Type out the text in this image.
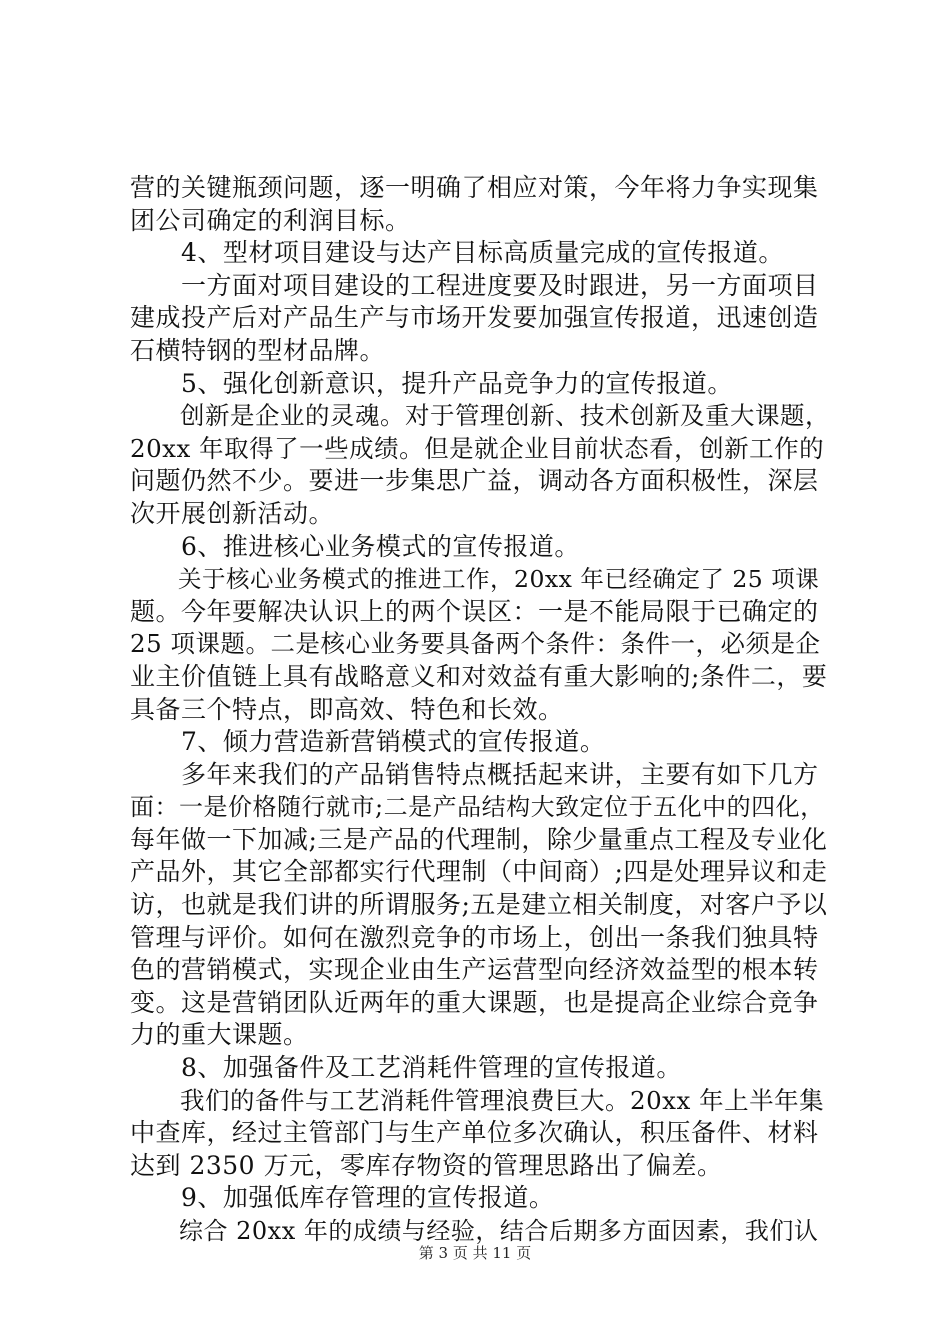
营的关键瓶颈问题，逐一明确了相应对策，今年将力争实现集
团公司确定的利润目标。
　　4、型材项目建设与达产目标高质量完成的宣传报道。
　　一方面对项目建设的工程进度要及时跟进，另一方面项目
建成投产后对产品生产与市场开发要加强宣传报道，迅速创造
石横特钢的型材品牌。
　　5、强化创新意识，提升产品竞争力的宣传报道。
　　创新是企业的灵魂。对于管理创新、技术创新及重大课题，
20xx 年取得了一些成绩。但是就企业目前状态看，创新工作的
问题仍然不少。要进一步集思广益，调动各方面积极性，深层
次开展创新活动。
　　6、推进核心业务模式的宣传报道。
　　关于核心业务模式的推进工作，20xx 年已经确定了 25 项课
题。今年要解决认识上的两个误区：一是不能局限于已确定的
25 项课题。二是核心业务要具备两个条件：条件一，必须是企
业主价值链上具有战略意义和对效益有重大影响的;条件二，要
具备三个特点，即高效、特色和长效。
　　7、倾力营造新营销模式的宣传报道。
　　多年来我们的产品销售特点概括起来讲，主要有如下几方
面：一是价格随行就市;二是产品结构大致定位于五化中的四化，
每年做一下加减;三是产品的代理制，除少量重点工程及专业化
产品外，其它全部都实行代理制（中间商）;四是处理异议和走
访，也就是我们讲的所谓服务;五是建立相关制度，对客户予以
管理与评价。如何在激烈竞争的市场上，创出一条我们独具特
色的营销模式，实现企业由生产运营型向经济效益型的根本转
变。这是营销团队近两年的重大课题，也是提高企业综合竞争
力的重大课题。
　　8、加强备件及工艺消耗件管理的宣传报道。
　　我们的备件与工艺消耗件管理浪费巨大。20xx 年上半年集
中查库，经过主管部门与生产单位多次确认，积压备件、材料
达到 2350 万元，零库存物资的管理思路出了偏差。
　　9、加强低库存管理的宣传报道。
　　综合 20xx 年的成绩与经验，结合后期多方面因素，我们认
第 3 页 共 11 页
